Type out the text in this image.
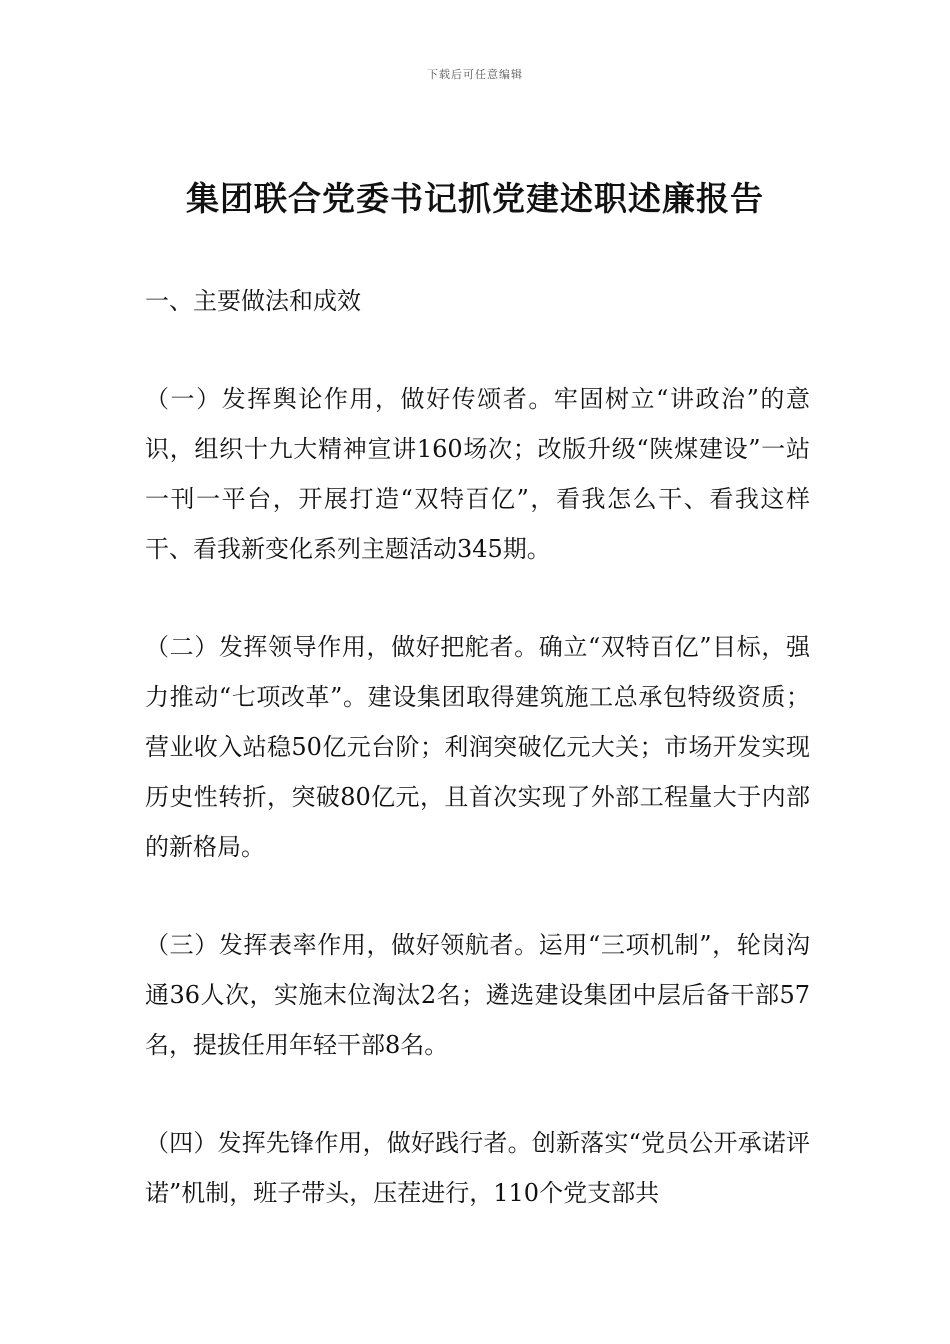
下载后可任意编辑
集团联合党委书记抓党建述职述廉报告
一、主要做法和成效
（一）发挥舆论作用，做好传颂者。牢固树立“讲政治”的意识，组织十九大精神宣讲160场次；改版升级“陕煤建设”一站一刊一平台，开展打造“双特百亿”，看我怎么干、看我这样干、看我新变化系列主题活动345期。
（二）发挥领导作用，做好把舵者。确立“双特百亿”目标，强力推动“七项改革”。建设集团取得建筑施工总承包特级资质；营业收入站稳50亿元台阶；利润突破亿元大关；市场开发实现历史性转折，突破80亿元，且首次实现了外部工程量大于内部的新格局。
（三）发挥表率作用，做好领航者。运用“三项机制”，轮岗沟通36人次，实施末位淘汰2名；遴选建设集团中层后备干部57名，提拔任用年轻干部8名。
（四）发挥先锋作用，做好践行者。创新落实“党员公开承诺评诺”机制，班子带头，压茬进行，110个党支部共
